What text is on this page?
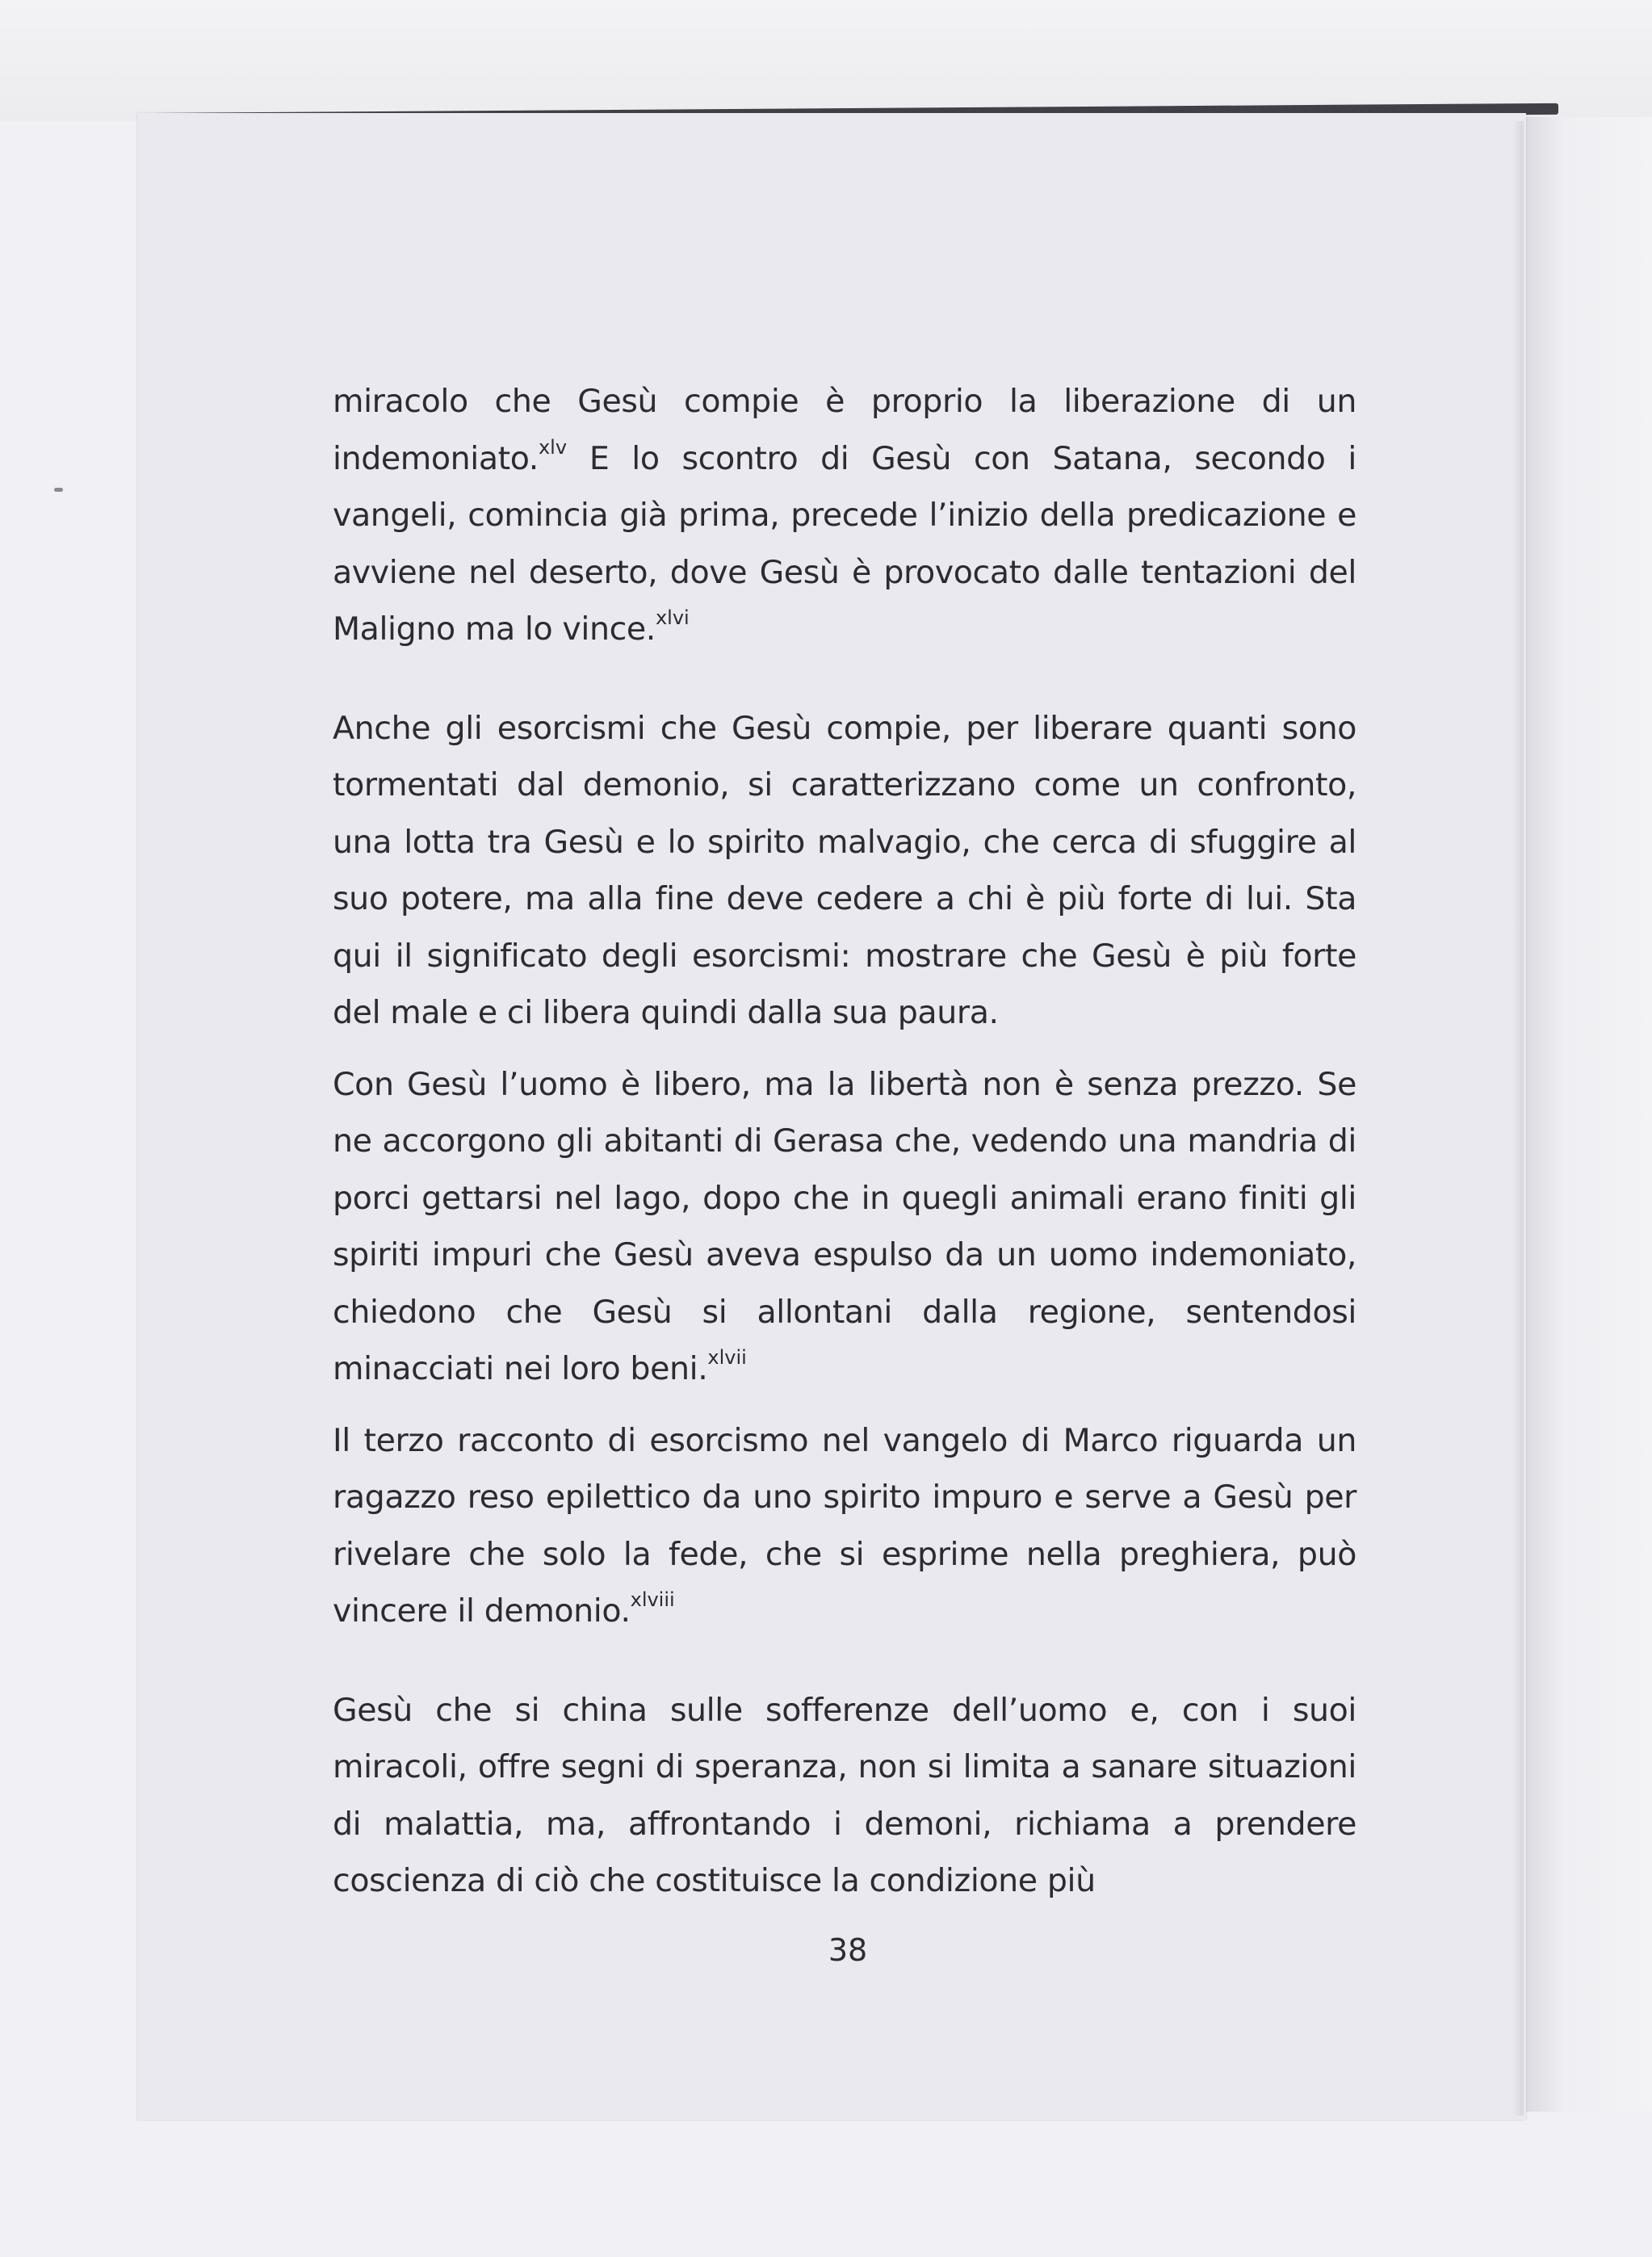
miracolo che Gesù compie è proprio la liberazione di un indemoniato.$^{xlv}$ E lo scontro di Gesù con Satana, secondo i vangeli, comincia già prima, precede l’inizio della predicazione e avviene nel deserto, dove Gesù è provocato dalle tentazioni del Maligno ma lo vince.$^{xlvi}$

Anche gli esorcismi che Gesù compie, per liberare quanti sono tormentati dal demonio, si caratterizzano come un confronto, una lotta tra Gesù e lo spirito malvagio, che cerca di sfuggire al suo potere, ma alla fine deve cedere a chi è più forte di lui. Sta qui il significato degli esorcismi: mostrare che Gesù è più forte del male e ci libera quindi dalla sua paura.

Con Gesù l’uomo è libero, ma la libertà non è senza prezzo. Se ne accorgono gli abitanti di Gerasa che, vedendo una mandria di porci gettarsi nel lago, dopo che in quegli animali erano finiti gli spiriti impuri che Gesù aveva espulso da un uomo indemoniato, chiedono che Gesù si allontani dalla regione, sentendosi minacciati nei loro beni.$^{xlvii}$

Il terzo racconto di esorcismo nel vangelo di Marco riguarda un ragazzo reso epilettico da uno spirito impuro e serve a Gesù per rivelare che solo la fede, che si esprime nella preghiera, può vincere il demonio.$^{xlviii}$

Gesù che si china sulle sofferenze dell’uomo e, con i suoi miracoli, offre segni di speranza, non si limita a sanare situazioni di malattia, ma, affrontando i demoni, richiama a prendere coscienza di ciò che costituisce la condizione più

38
